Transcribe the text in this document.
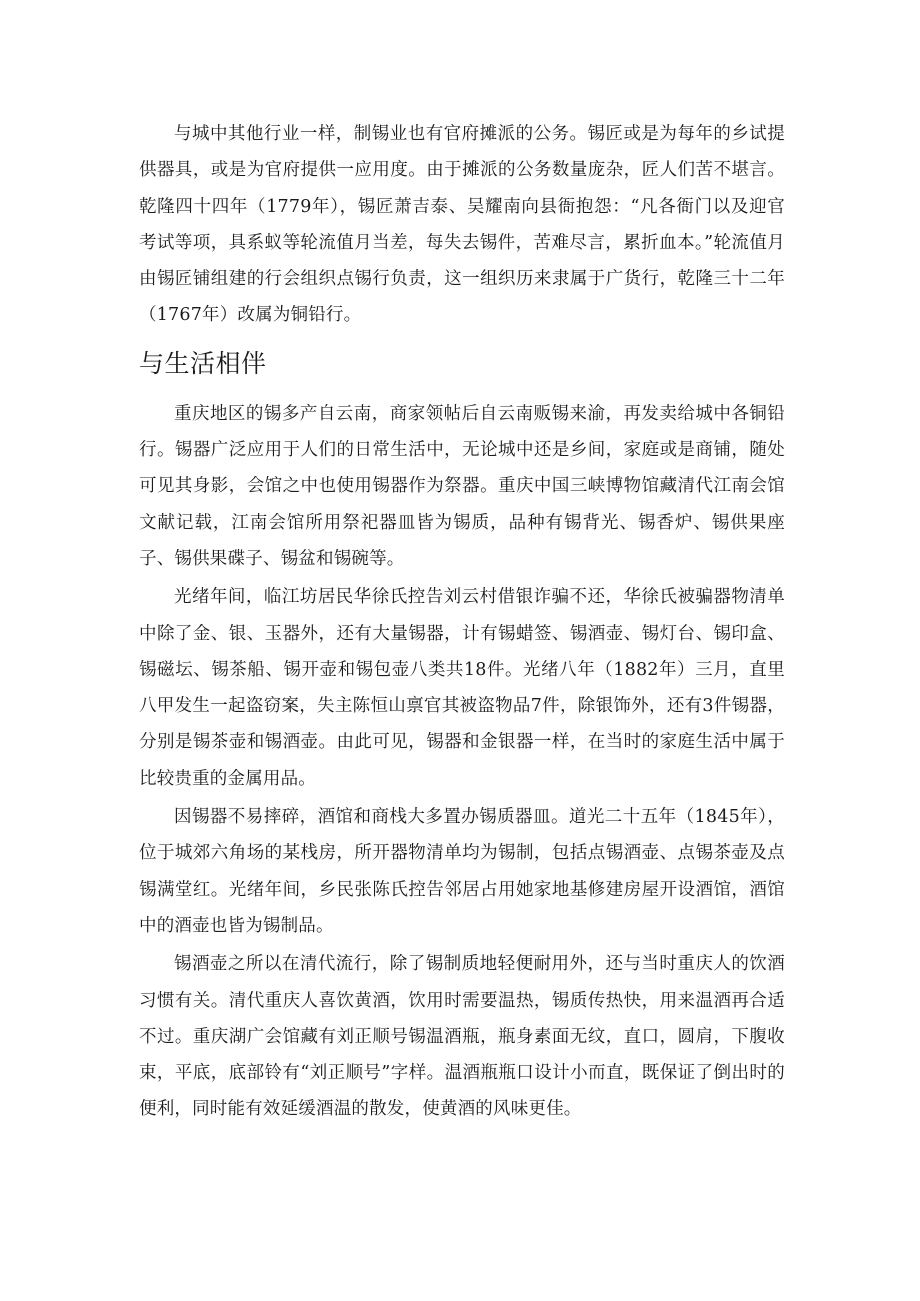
与城中其他行业一样，制锡业也有官府摊派的公务。锡匠或是为每年的乡试提供器具，或是为官府提供一应用度。由于摊派的公务数量庞杂，匠人们苦不堪言。乾隆四十四年（1779年），锡匠萧吉泰、吴耀南向县衙抱怨：“凡各衙门以及迎官考试等项，具系蚁等轮流值月当差，每失去锡件，苦难尽言，累折血本。”轮流值月由锡匠铺组建的行会组织点锡行负责，这一组织历来隶属于广货行，乾隆三十二年（1767年）改属为铜铅行。

与生活相伴

重庆地区的锡多产自云南，商家领帖后自云南贩锡来渝，再发卖给城中各铜铅行。锡器广泛应用于人们的日常生活中，无论城中还是乡间，家庭或是商铺，随处可见其身影，会馆之中也使用锡器作为祭器。重庆中国三峡博物馆藏清代江南会馆文献记载，江南会馆所用祭祀器皿皆为锡质，品种有锡背光、锡香炉、锡供果座子、锡供果碟子、锡盆和锡碗等。

光绪年间，临江坊居民华徐氏控告刘云村借银诈骗不还，华徐氏被骗器物清单中除了金、银、玉器外，还有大量锡器，计有锡蜡签、锡酒壶、锡灯台、锡印盒、锡磁坛、锡茶船、锡开壶和锡包壶八类共18件。光绪八年（1882年）三月，直里八甲发生一起盗窃案，失主陈恒山禀官其被盗物品7件，除银饰外，还有3件锡器，分别是锡茶壶和锡酒壶。由此可见，锡器和金银器一样，在当时的家庭生活中属于比较贵重的金属用品。

因锡器不易摔碎，酒馆和商栈大多置办锡质器皿。道光二十五年（1845年），位于城郊六角场的某栈房，所开器物清单均为锡制，包括点锡酒壶、点锡茶壶及点锡满堂红。光绪年间，乡民张陈氏控告邻居占用她家地基修建房屋开设酒馆，酒馆中的酒壶也皆为锡制品。

锡酒壶之所以在清代流行，除了锡制质地轻便耐用外，还与当时重庆人的饮酒习惯有关。清代重庆人喜饮黄酒，饮用时需要温热，锡质传热快，用来温酒再合适不过。重庆湖广会馆藏有刘正顺号锡温酒瓶，瓶身素面无纹，直口，圆肩，下腹收束，平底，底部铃有“刘正顺号”字样。温酒瓶瓶口设计小而直，既保证了倒出时的便利，同时能有效延缓酒温的散发，使黄酒的风味更佳。
